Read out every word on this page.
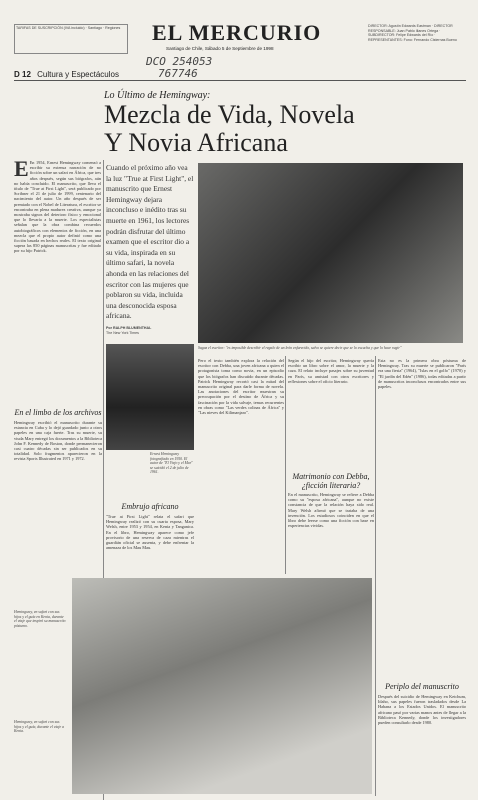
TARIFAS DE SUSCRIPCIÓN (IVA incluido) · Santiago · Regiones	EL MERCURIO
Santiago de Chile, Sábado 5 de Septiembre de 1998
DIRECTOR: Agustín Edwards Eastman · DIRECTOR RESPONSABLE: Juan Pablo Illanes Ortega · SUBDIRECTOR: Felipe Edwards del Río · REPRESENTANTES: Fono: Fernando Cisternas Bueno
DCO 254053
767746
D 12 Cultura y Espectáculos
Lo Último de Hemingway:
Mezcla de Vida, Novela Y Novia Africana
E En 1954, Ernest Hemingway comenzó a escribir su extensa narración de no ficción sobre un safari en África, que tres años después, según sus biógrafos, aún no había concluido. El manuscrito, que lleva el título de "True at First Light", será publicado por Scribner el 21 de julio de 1999, centenario del nacimiento del autor. Un año después de ser premiado con el Nobel de Literatura, el escritor se encontraba en plena madurez creativa, aunque ya mostraba signos del deterioro físico y emocional que lo llevaría a la muerte. Los especialistas señalan que la obra combina recuerdos autobiográficos con elementos de ficción, en una mezcla que el propio autor definió como una ficción basada en hechos reales. El texto original supera las 850 páginas manuscritas y fue editado por su hijo Patrick.
En el limbo de los archivos
Hemingway escribió el manuscrito durante su estancia en Cuba y lo dejó guardado junto a otros papeles en una caja fuerte. Tras su muerte, su viuda Mary entregó los documentos a la Biblioteca John F. Kennedy de Boston, donde permanecieron casi cuatro décadas sin ser publicados en su totalidad. Solo fragmentos aparecieron en la revista Sports Illustrated en 1971 y 1972.
Cuando el próximo año vea la luz "True at First Light", el manuscrito que Ernest Hemingway dejara inconcluso e inédito tras su muerte en 1961, los lectores podrán disfrutar del último examen que el escritor dio a su vida, inspirada en su último safari, la novela ahonda en las relaciones del escritor con las mujeres que poblaron su vida, incluida una desconocida esposa africana.
Por RALPH BLUMENTHAL
The New York Times
Sagaz el escritor: "es imposible describir el regalo de un león enfurecido, salvo se quiere decir que se lo escucha y que lo hace rugir"
Ernest Hemingway fotografiado en 1950. El autor de "El Viejo y el Mar" se suicidó el 2 de julio de 1961.
Embrujo africano
"True at First Light" relata el safari que Hemingway realizó con su cuarta esposa, Mary Welsh, entre 1953 y 1954, en Kenia y Tanganica. En el libro, Hemingway aparece como jefe provisorio de una reserva de caza mientras el guardián oficial se ausenta, y debe enfrentar la amenaza de los Mau Mau.
Pero el texto también explora la relación del escritor con Debba, una joven africana a quien el protagonista toma como novia, en un episodio que los biógrafos han discutido durante décadas. Patrick Hemingway recortó casi la mitad del manuscrito original para darle forma de novela. Las anotaciones del escritor muestran su preocupación por el destino de África y su fascinación por la vida salvaje, temas recurrentes en obras como "Las verdes colinas de África" y "Las nieves del Kilimanjaro".
Según el hijo del escritor, Hemingway quería escribir un libro sobre el amor, la muerte y la caza. El relato incluye pasajes sobre su juventud en París, su amistad con otros escritores y reflexiones sobre el oficio literario.
Matrimonio con Debba, ¿ficción literaria?
En el manuscrito, Hemingway se refiere a Debba como su "esposa africana", aunque no existe constancia de que la relación haya sido real. Mary Welsh afirmó que se trataba de una invención. Los estudiosos coinciden en que el libro debe leerse como una ficción con base en experiencias vividas.
Esta no es la primera obra póstuma de Hemingway. Tras su muerte se publicaron "París era una fiesta" (1964), "Islas en el golfo" (1970) y "El jardín del Edén" (1986), todas editadas a partir de manuscritos inconclusos encontrados entre sus papeles.
Periplo del manuscrito
Después del suicidio de Hemingway en Ketchum, Idaho, sus papeles fueron trasladados desde La Habana a los Estados Unidos. El manuscrito africano pasó por varias manos antes de llegar a la Biblioteca Kennedy, donde los investigadores pueden consultarlo desde 1980.
Hemingway, en safari con sus hijos y el guía, durante el viaje a Kenia.
Hemingway, en safari con sus hijos y el guía en Kenia, durante el viaje que inspiró su manuscrito póstumo.
